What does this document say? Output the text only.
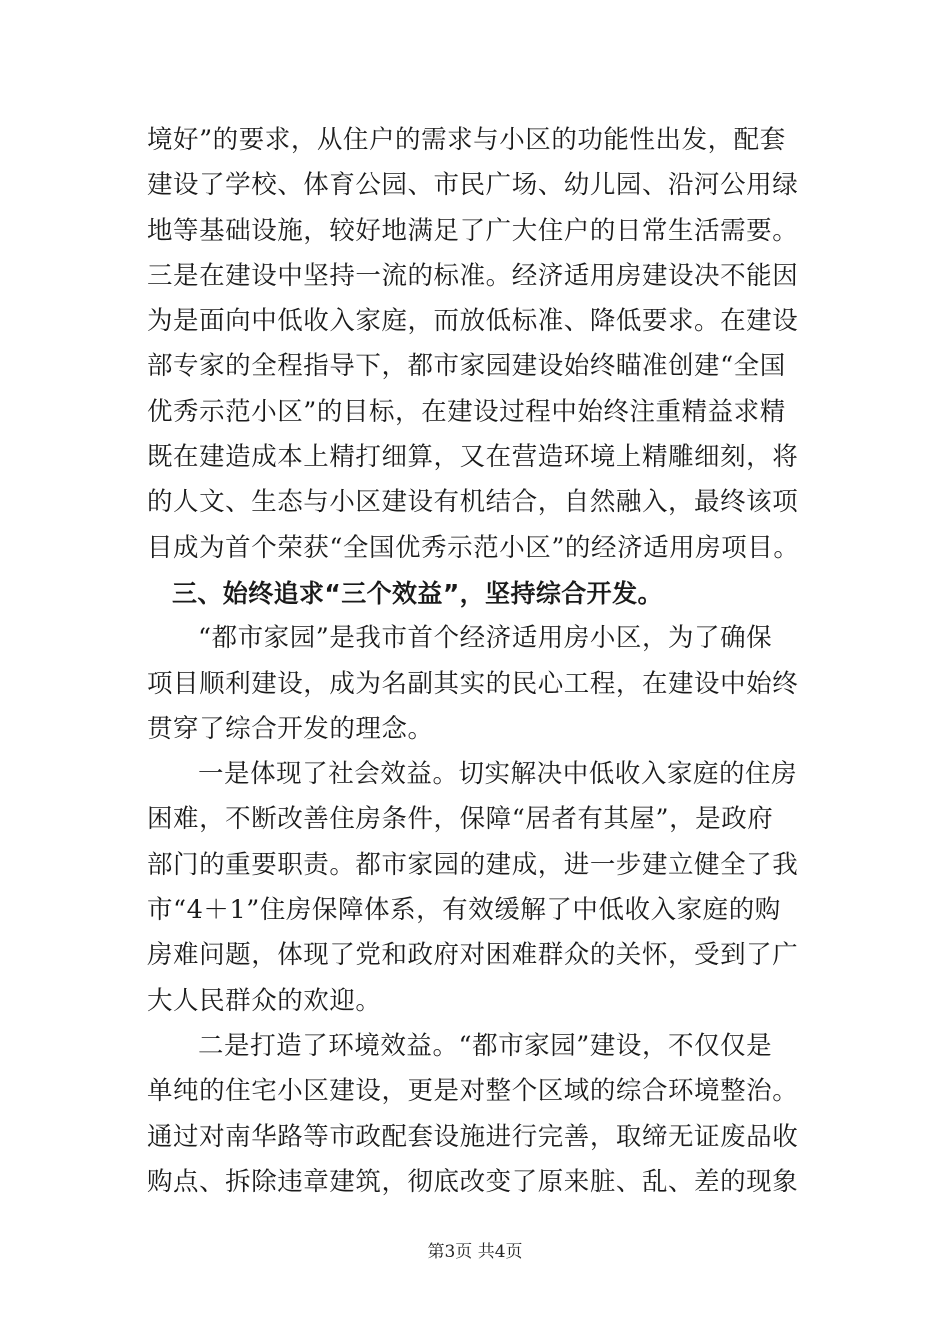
境好”的要求，从住户的需求与小区的功能性出发，配套
建设了学校、体育公园、市民广场、幼儿园、沿河公用绿
地等基础设施，较好地满足了广大住户的日常生活需要。
三是在建设中坚持一流的标准。经济适用房建设决不能因
为是面向中低收入家庭，而放低标准、降低要求。在建设
部专家的全程指导下，都市家园建设始终瞄准创建“全国
优秀示范小区”的目标，在建设过程中始终注重精益求精
既在建造成本上精打细算，又在营造环境上精雕细刻，将
的人文、生态与小区建设有机结合，自然融入，最终该项
目成为首个荣获“全国优秀示范小区”的经济适用房项目。
三、始终追求“三个效益”，坚持综合开发。
“都市家园”是我市首个经济适用房小区，为了确保
项目顺利建设，成为名副其实的民心工程，在建设中始终
贯穿了综合开发的理念。
一是体现了社会效益。切实解决中低收入家庭的住房
困难，不断改善住房条件，保障“居者有其屋”，是政府
部门的重要职责。都市家园的建成，进一步建立健全了我
市“4＋1”住房保障体系，有效缓解了中低收入家庭的购
房难问题，体现了党和政府对困难群众的关怀，受到了广
大人民群众的欢迎。
二是打造了环境效益。“都市家园”建设，不仅仅是
单纯的住宅小区建设，更是对整个区域的综合环境整治。
通过对南华路等市政配套设施进行完善，取缔无证废品收
购点、拆除违章建筑，彻底改变了原来脏、乱、差的现象
第3页 共4页
